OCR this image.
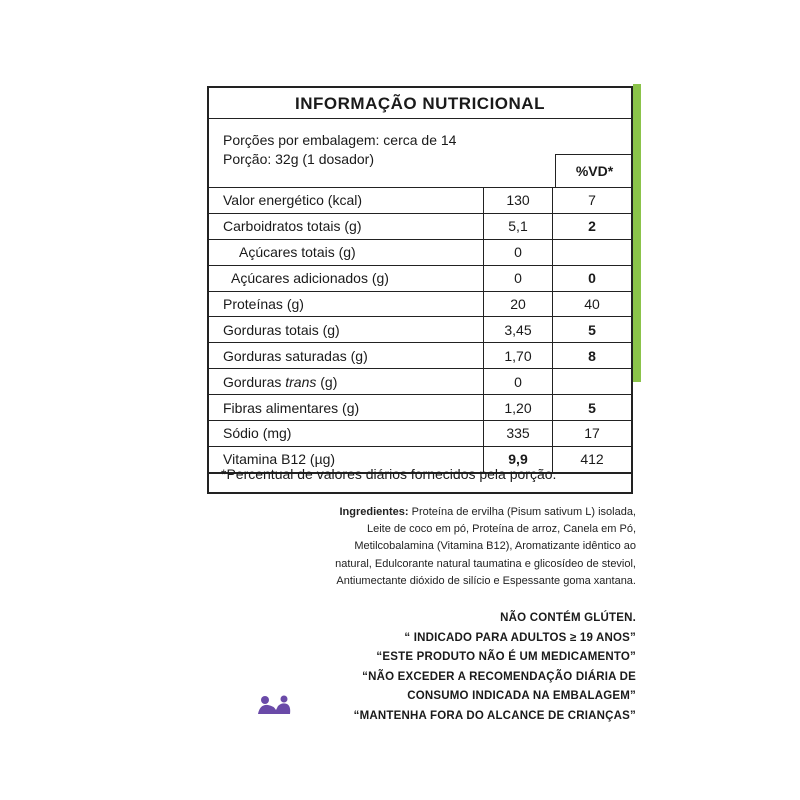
INFORMAÇÃO NUTRICIONAL
Porções por embalagem: cerca de 14
Porção: 32g (1 dosador)
%VD*
Valor energético (kcal)	130	7
Carboidratos totais (g)	5,1	2
Açúcares totais (g)	0	
Açúcares adicionados (g)	0	0
Proteínas (g)	20	40
Gorduras totais (g)	3,45	5
Gorduras saturadas (g)	1,70	8
Gorduras trans (g)	0	
Fibras alimentares (g)	1,20	5
Sódio (mg)	335	17
Vitamina B12 (µg)	9,9	412
*Percentual de valores diários fornecidos pela porção.
Ingredientes: Proteína de ervilha (Pisum sativum L) isolada, Leite de coco em pó, Proteína de arroz, Canela em Pó, Metilcobalamina (Vitamina B12), Aromatizante idêntico ao natural, Edulcorante natural taumatina e glicosídeo de steviol, Antiumectante dióxido de silício e Espessante goma xantana.
NÃO CONTÉM GLÚTEN.
“ INDICADO PARA ADULTOS ≥ 19 ANOS”
“ESTE PRODUTO NÃO É UM MEDICAMENTO”
“NÃO EXCEDER A RECOMENDAÇÃO DIÁRIA DE
CONSUMO INDICADA NA EMBALAGEM”
“MANTENHA FORA DO ALCANCE DE CRIANÇAS”
